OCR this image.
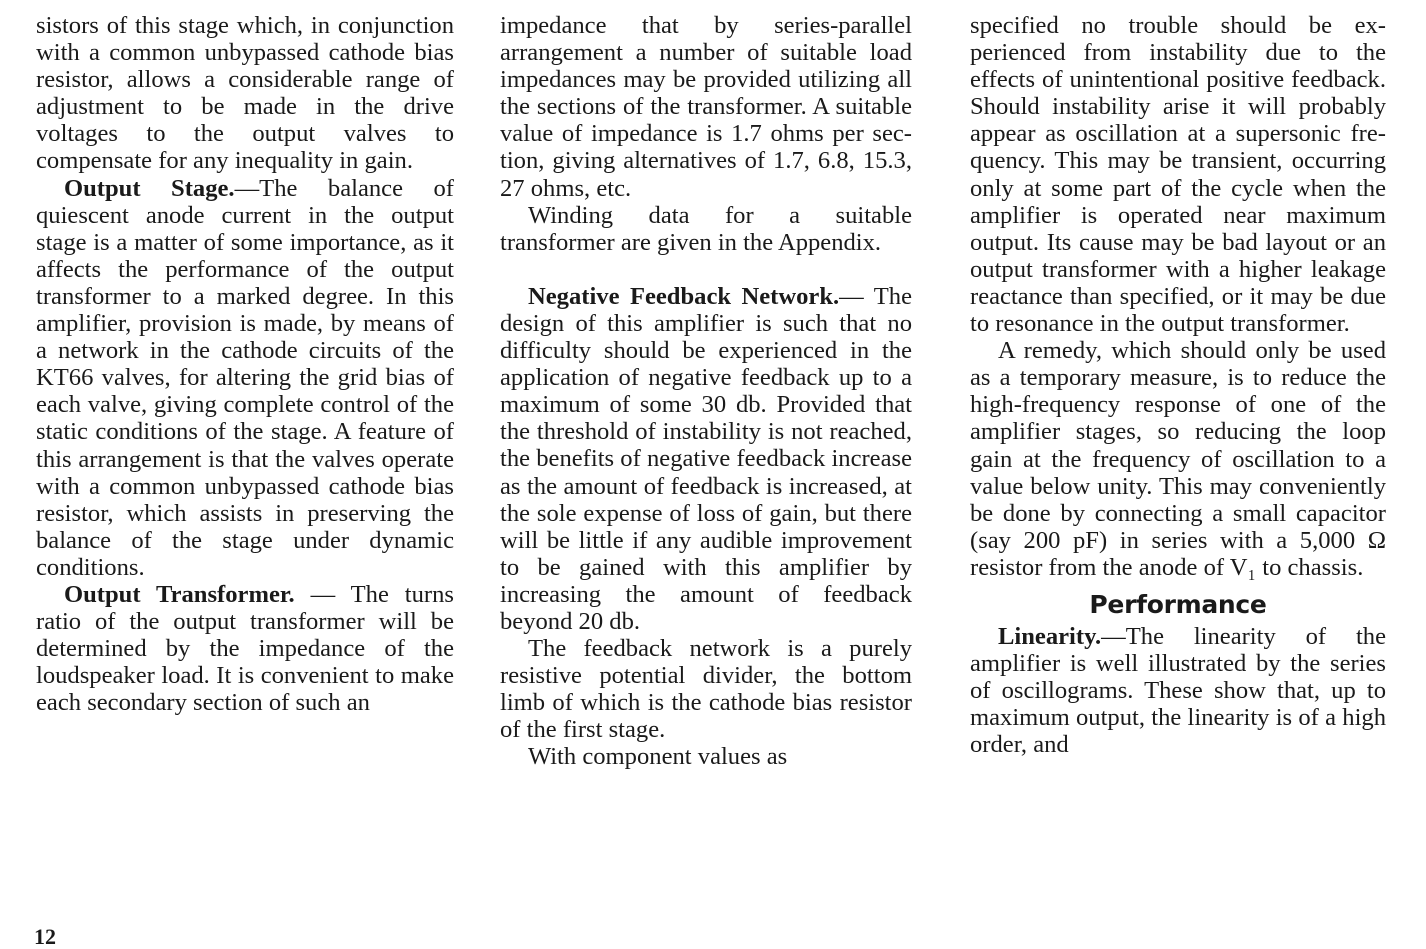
sistors of this stage which, in conjunction with a common unbypassed cathode bias resistor, allows a considerable range of adjustment to be made in the drive voltages to the output valves to compensate for any inequality in gain.

Output Stage.—The balance of quiescent anode current in the output stage is a matter of some importance, as it affects the performance of the output transformer to a marked degree. In this amplifier, provision is made, by means of a network in the cathode circuits of the KT66 valves, for altering the grid bias of each valve, giving complete control of the static conditions of the stage. A feature of this arrangement is that the valves operate with a common unbypassed cathode bias resistor, which assists in preserving the balance of the stage under dynamic conditions.

Output Transformer. — The turns ratio of the output transformer will be determined by the impedance of the loudspeaker load. It is convenient to make each secondary section of such an

impedance that by series-parallel arrangement a number of suitable load impedances may be provided utilizing all the sections of the transformer. A suitable value of impedance is 1.7 ohms per section, giving alternatives of 1.7, 6.8, 15.3, 27 ohms, etc.

Winding data for a suitable transformer are given in the Appendix.

Negative Feedback Network.— The design of this amplifier is such that no difficulty should be experienced in the application of negative feedback up to a maximum of some 30 db. Provided that the threshold of instability is not reached, the benefits of negative feedback increase as the amount of feedback is increased, at the sole expense of loss of gain, but there will be little if any audible improvement to be gained with this amplifier by increasing the amount of feedback beyond 20 db.

The feedback network is a purely resistive potential divider, the bottom limb of which is the cathode bias resistor of the first stage.

With component values as

specified no trouble should be experienced from instability due to the effects of unintentional positive feedback. Should instability arise it will probably appear as oscillation at a supersonic frequency. This may be transient, occurring only at some part of the cycle when the amplifier is operated near maximum output. Its cause may be bad layout or an output transformer with a higher leakage reactance than specified, or it may be due to resonance in the output transformer.

A remedy, which should only be used as a temporary measure, is to reduce the high-frequency response of one of the amplifier stages, so reducing the loop gain at the frequency of oscillation to a value below unity. This may conveniently be done by connecting a small capacitor (say 200 pF) in series with a 5,000 Ω resistor from the anode of V₁ to chassis.

Performance

Linearity.—The linearity of the amplifier is well illustrated by the series of oscillograms. These show that, up to maximum output, the linearity is of a high order, and

12
